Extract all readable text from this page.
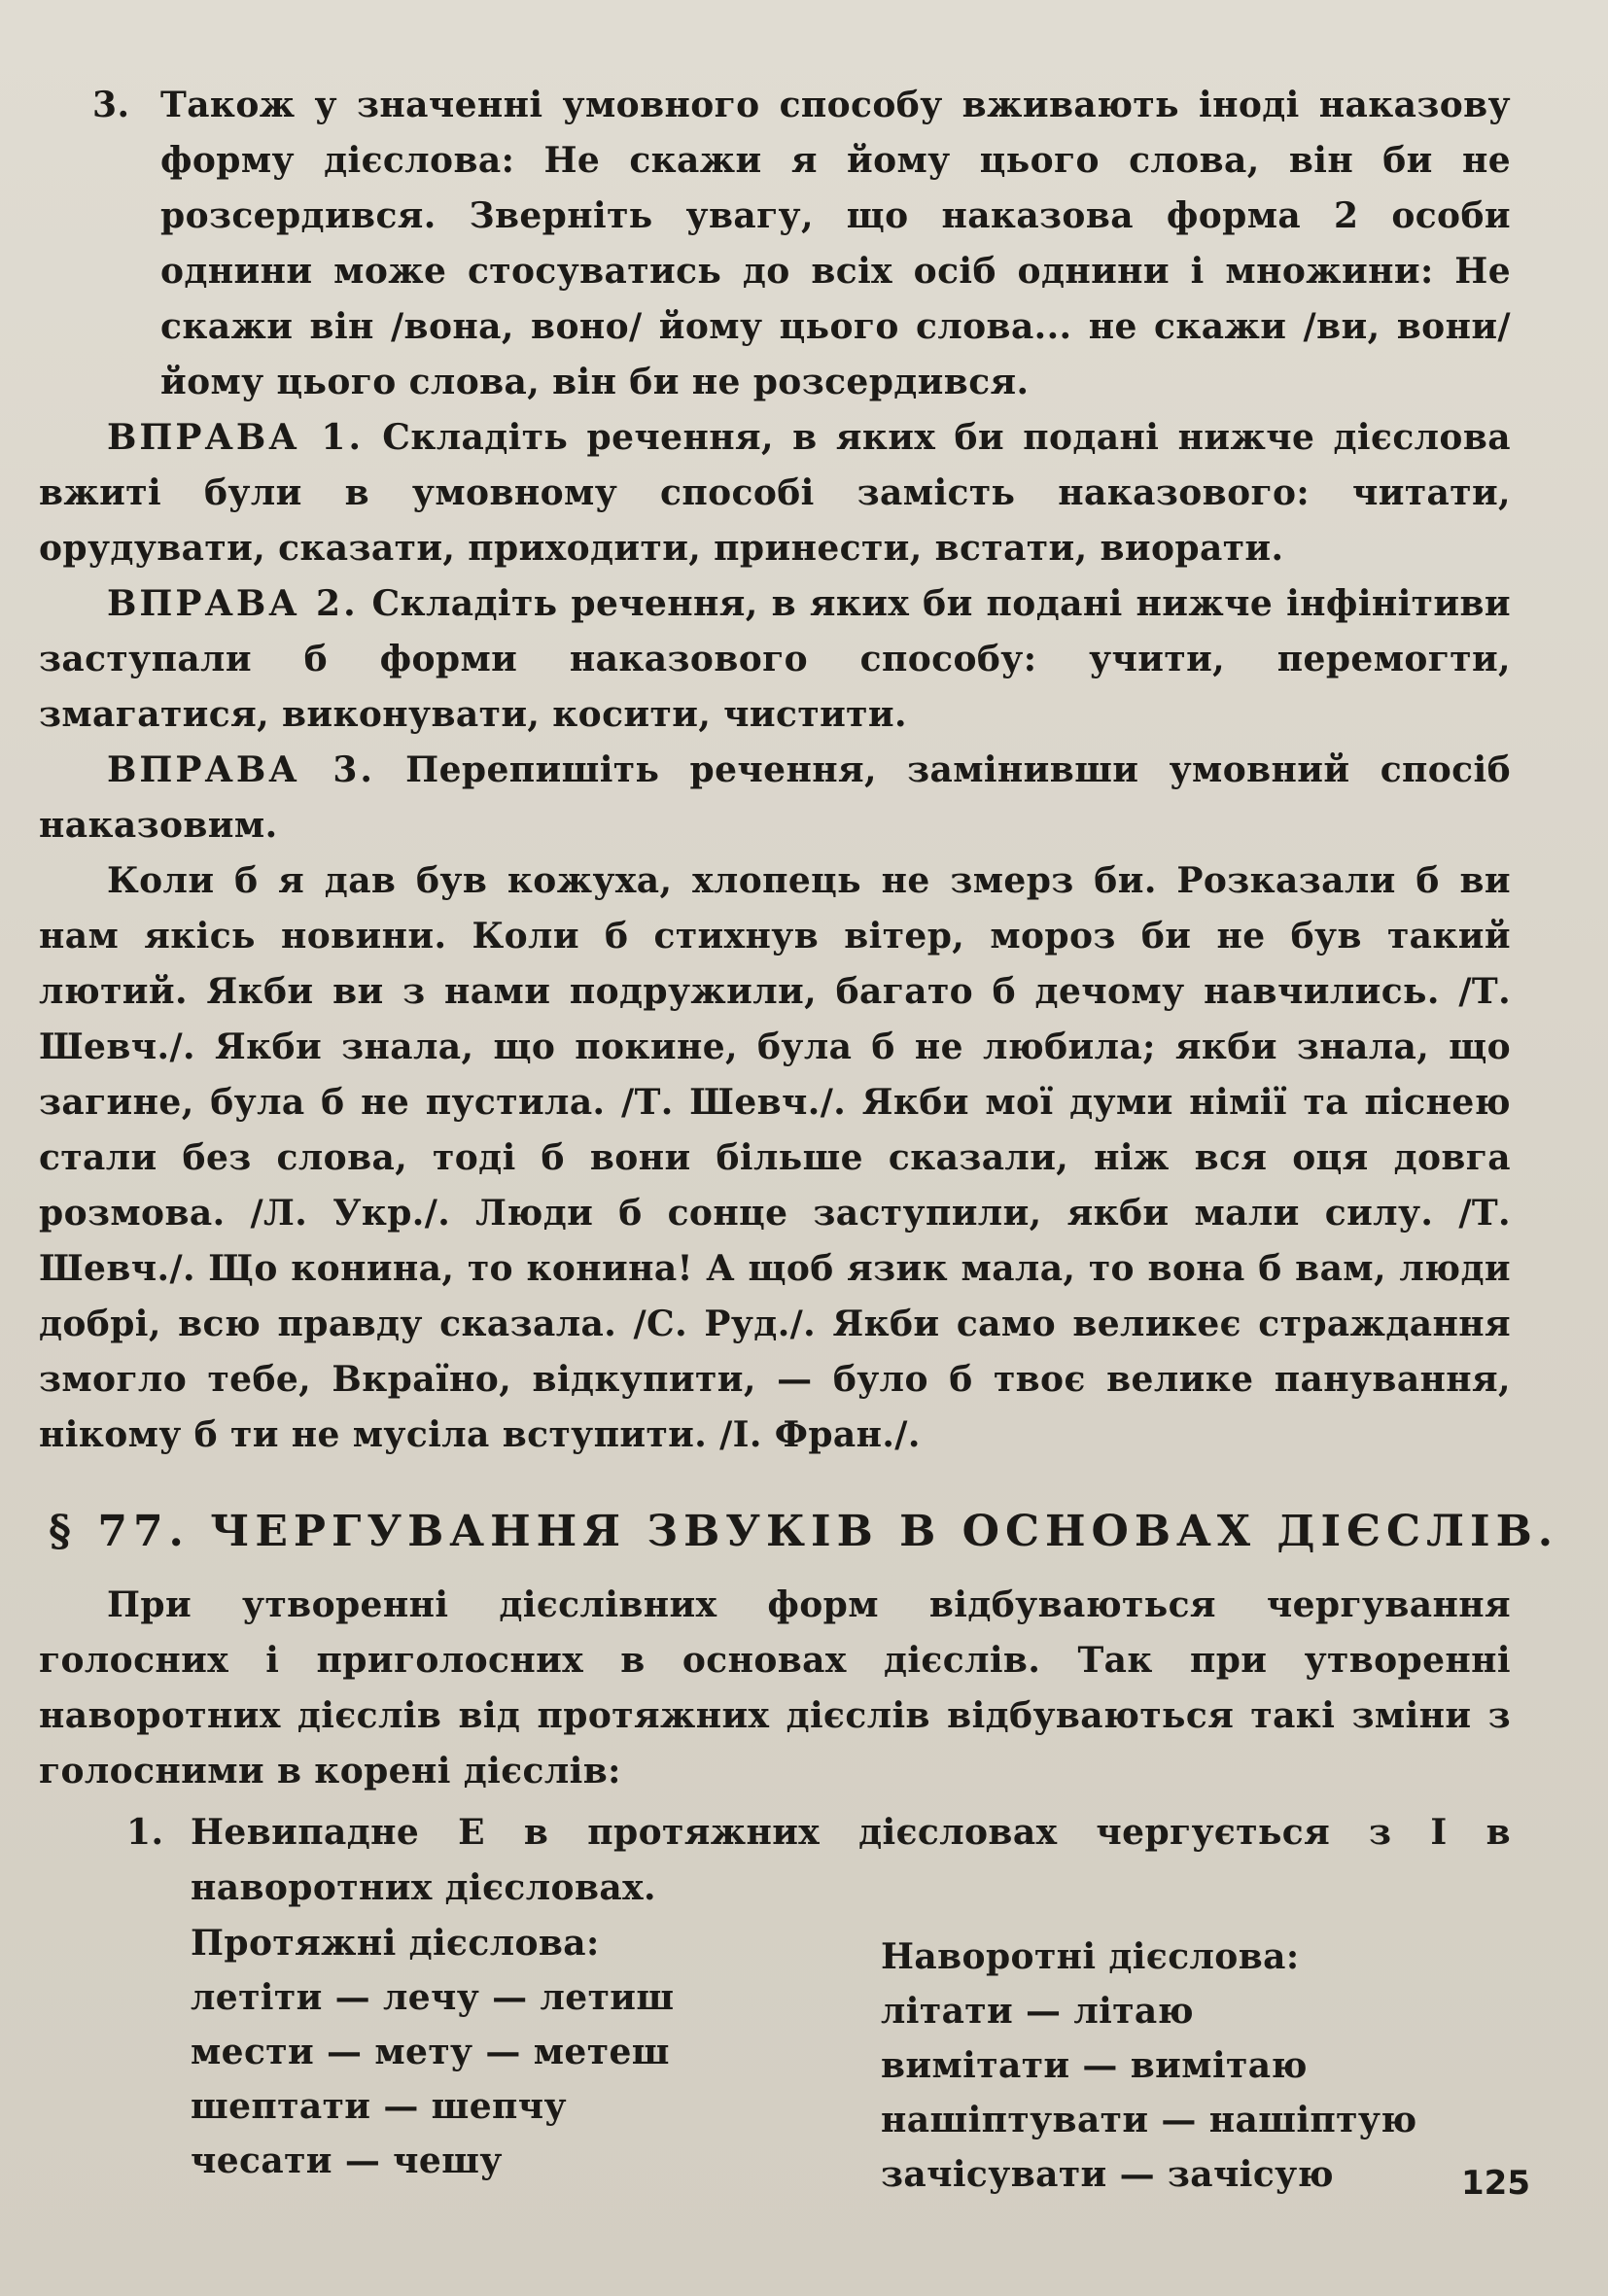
3. Також у значенні умовного способу вживають іноді наказову форму дієслова: Не скажи я йому цього слова, він би не розсердився. Зверніть увагу, що наказова форма 2 особи однини може стосуватись до всіх осіб однини і множини: Не скажи він /вона, воно/ йому цього слова... не скажи /ви, вони/ йому цього слова, він би не розсердився.

ВПРАВА 1. Складіть речення, в яких би подані нижче дієслова вжиті були в умовному способі замість наказового: читати, орудувати, сказати, приходити, принести, встати, виорати.

ВПРАВА 2. Складіть речення, в яких би подані нижче інфінітиви заступали б форми наказового способу: учити, перемогти, змагатися, виконувати, косити, чистити.

ВПРАВА 3. Перепишіть речення, замінивши умовний спосіб наказовим.

Коли б я дав був кожуха, хлопець не змерз би. Розказали б ви нам якісь новини. Коли б стихнув вітер, мороз би не був такий лютий. Якби ви з нами подружили, багато б дечому навчились. /Т. Шевч./. Якби знала, що покине, була б не любила; якби знала, що загине, була б не пустила. /Т. Шевч./. Якби мої думи німії та піснею стали без слова, тоді б вони більше сказали, ніж вся оця довга розмова. /Л. Укр./. Люди б сонце заступили, якби мали силу. /Т. Шевч./. Що конина, то конина! А щоб язик мала, то вона б вам, люди добрі, всю правду сказала. /С. Руд./. Якби само великеє страждання змогло тебе, Вкраїно, відкупити, — було б твоє велике панування, нікому б ти не мусіла вступити. /І. Фран./.

§ 77. ЧЕРГУВАННЯ ЗВУКІВ В ОСНОВАХ ДІЄСЛІВ.

При утворенні дієслівних форм відбуваються чергування голосних і приголосних в основах дієслів. Так при утворенні наворотних дієслів від протяжних дієслів відбуваються такі зміни з голосними в корені дієслів:

1. Невипадне Е в протяжних дієсловах чергується з І в наворотних дієсловах.

Протяжні дієслова:

летіти — лечу — летиш

мести — мету — метеш

шептати — шепчу

чесати — чешу

Наворотні дієслова:

літати — літаю

вимітати — вимітаю

нашіптувати — нашіптую

зачісувати — зачісую	125
